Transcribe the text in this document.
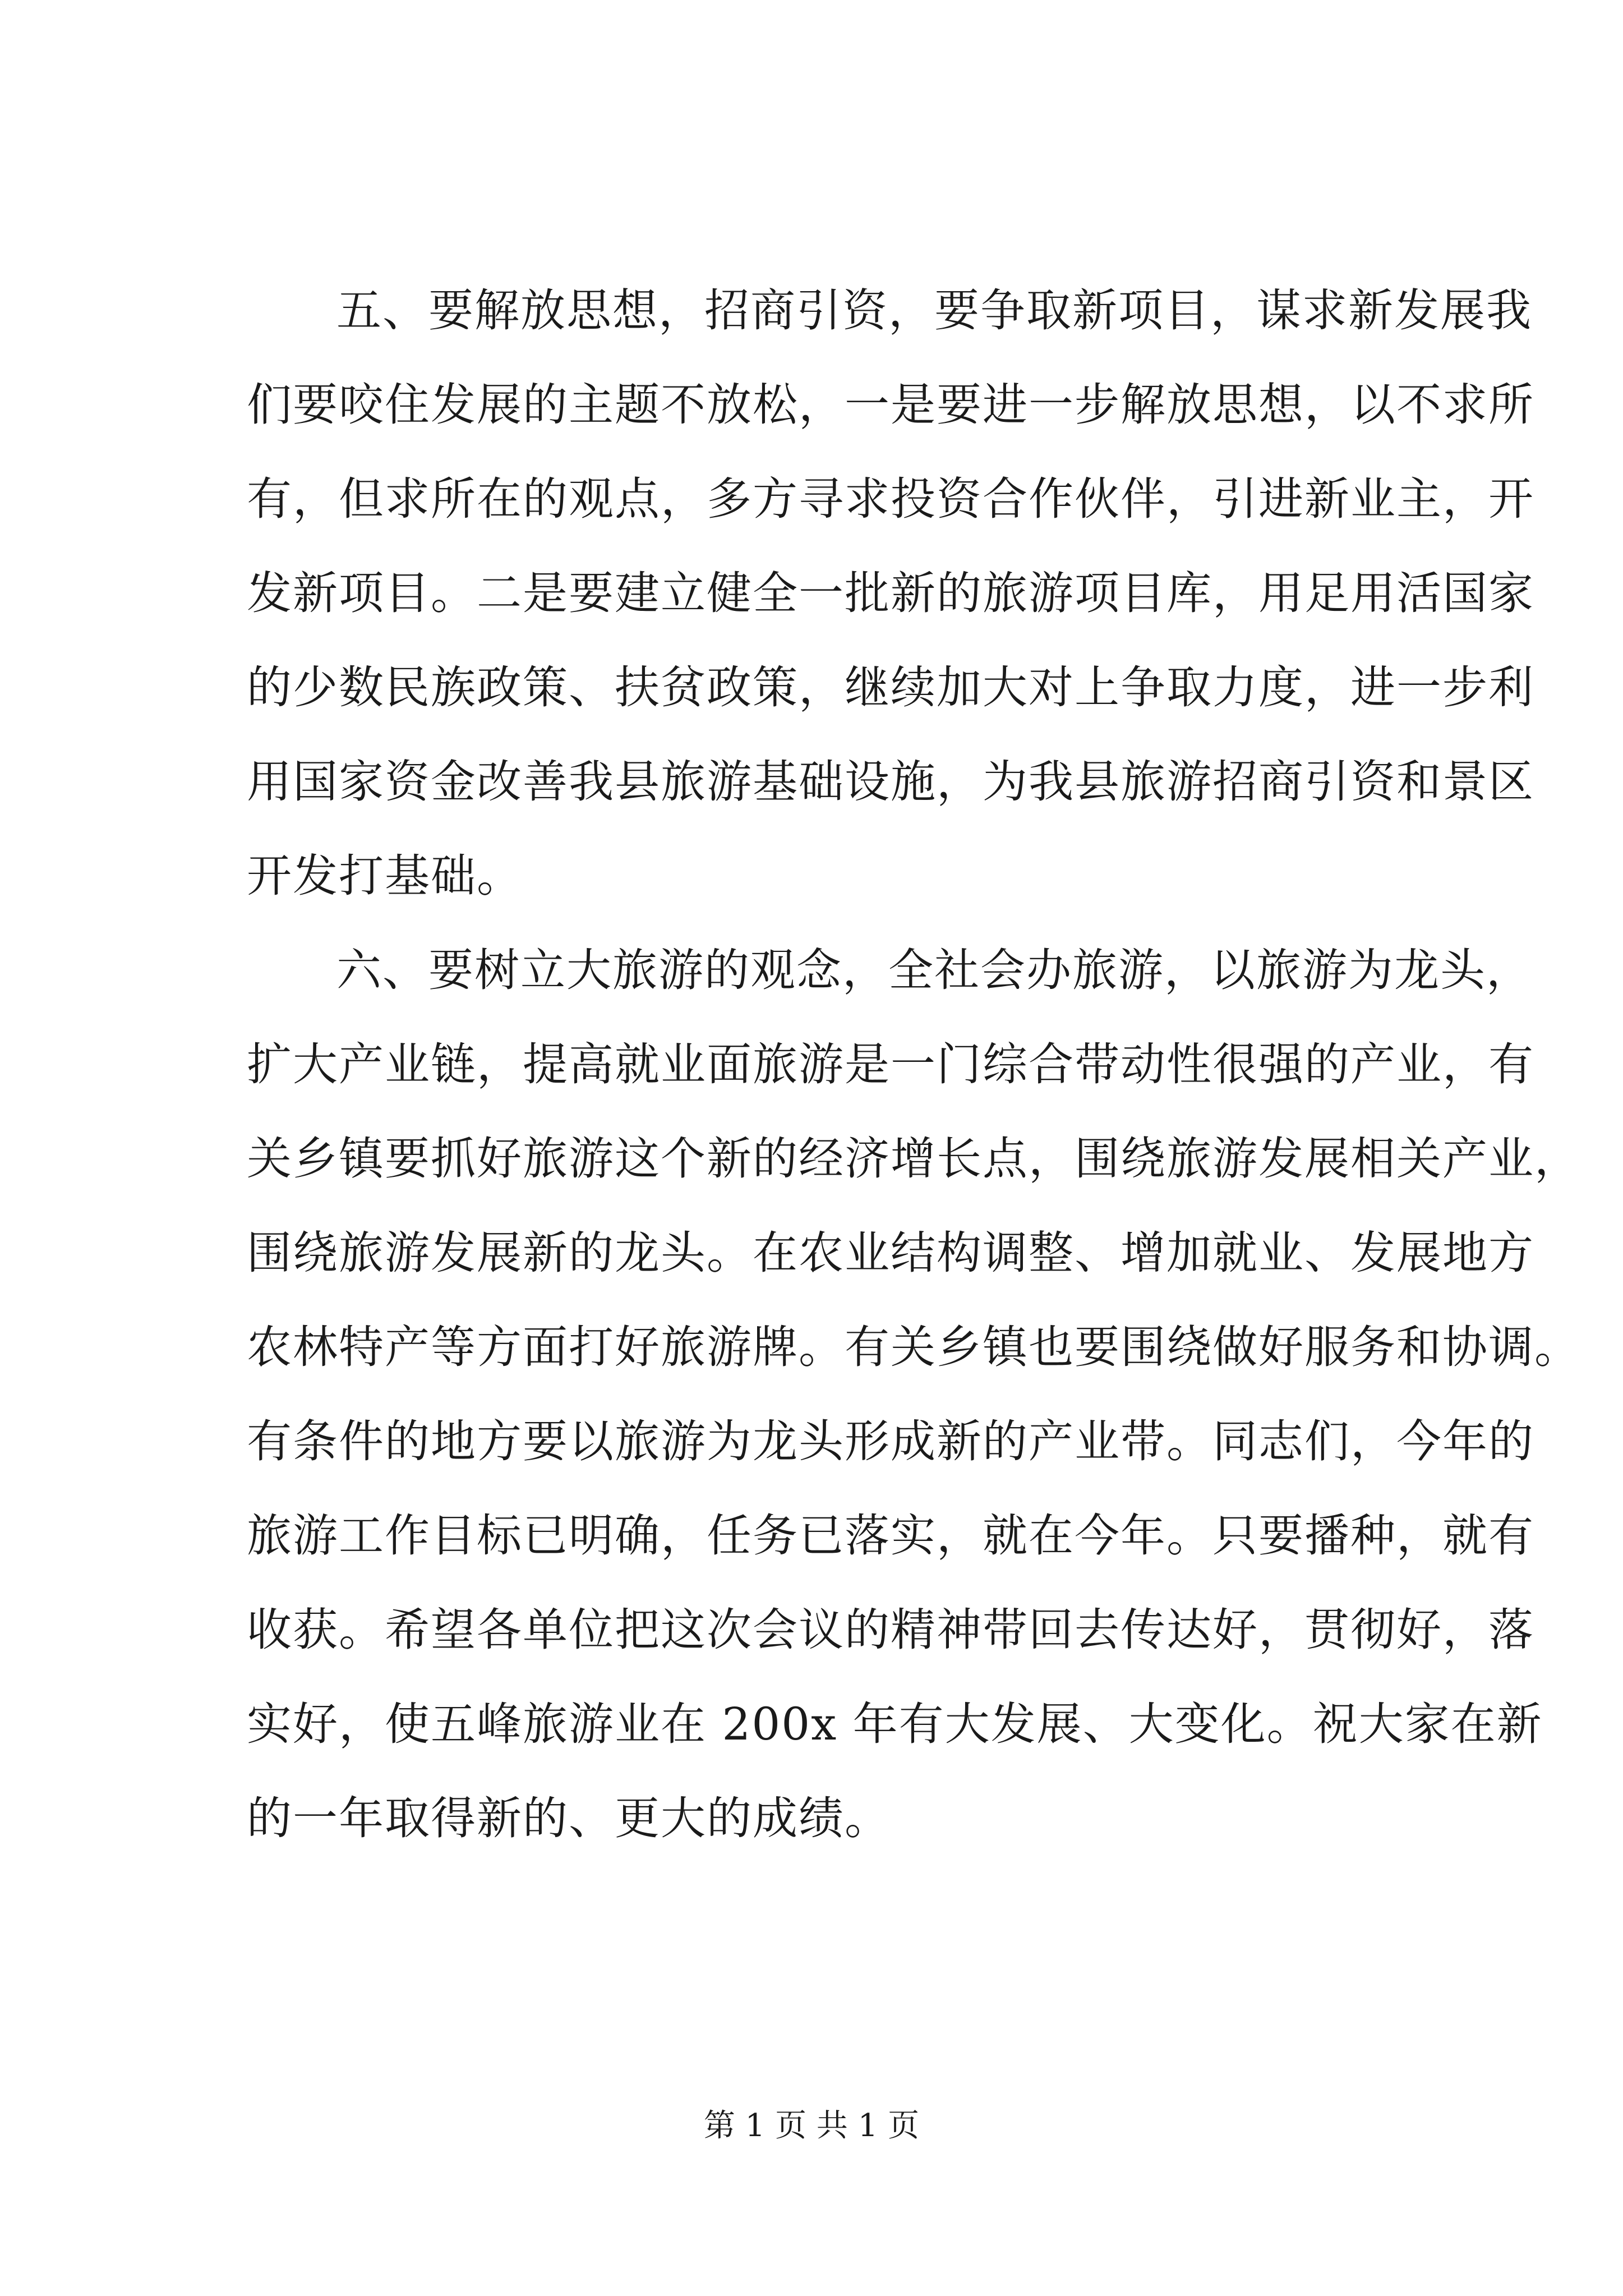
五、要解放思想，招商引资，要争取新项目，谋求新发展我
们要咬住发展的主题不放松，一是要进一步解放思想，以不求所
有，但求所在的观点，多方寻求投资合作伙伴，引进新业主，开
发新项目。二是要建立健全一批新的旅游项目库，用足用活国家
的少数民族政策、扶贫政策，继续加大对上争取力度，进一步利
用国家资金改善我县旅游基础设施，为我县旅游招商引资和景区
开发打基础。
六、要树立大旅游的观念，全社会办旅游，以旅游为龙头，
扩大产业链，提高就业面旅游是一门综合带动性很强的产业，有
关乡镇要抓好旅游这个新的经济增长点，围绕旅游发展相关产业，
围绕旅游发展新的龙头。在农业结构调整、增加就业、发展地方
农林特产等方面打好旅游牌。有关乡镇也要围绕做好服务和协调。
有条件的地方要以旅游为龙头形成新的产业带。同志们，今年的
旅游工作目标已明确，任务已落实，就在今年。只要播种，就有
收获。希望各单位把这次会议的精神带回去传达好，贯彻好，落
实好，使五峰旅游业在 200x 年有大发展、大变化。祝大家在新
的一年取得新的、更大的成绩。
第 1 页 共 1 页
